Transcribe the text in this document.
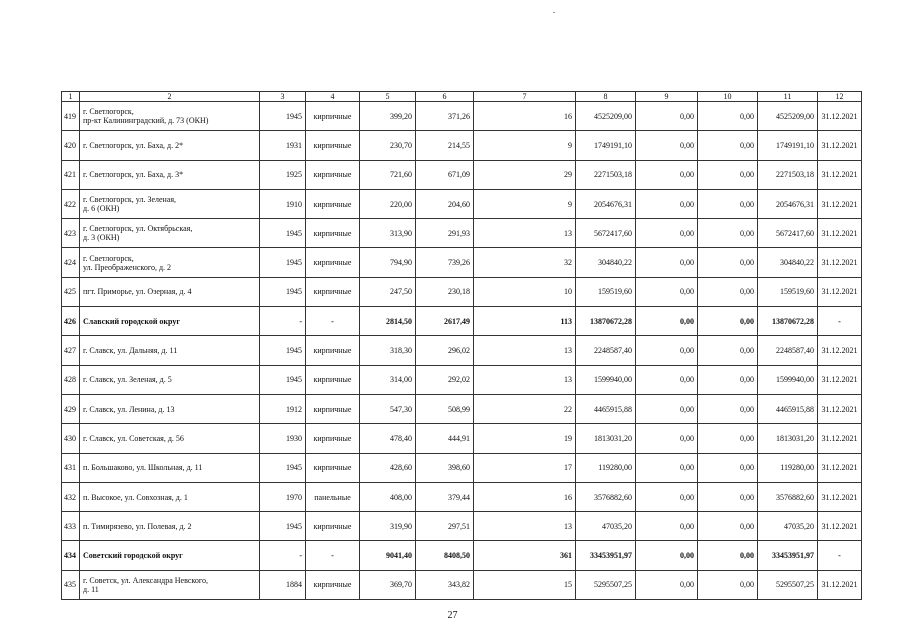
1	2	3	4	5	6	7	8	9	10	11	12
419	г. Светлогорск,
пр-кт Калининградский, д. 73 (ОКН)	1945	кирпичные	399,20	371,26	16	4525209,00	0,00	0,00	4525209,00	31.12.2021
420	г. Светлогорск, ул. Баха, д. 2*	1931	кирпичные	230,70	214,55	9	1749191,10	0,00	0,00	1749191,10	31.12.2021
421	г. Светлогорск, ул. Баха, д. 3*	1925	кирпичные	721,60	671,09	29	2271503,18	0,00	0,00	2271503,18	31.12.2021
422	г. Светлогорск, ул. Зеленая,
д. 6 (ОКН)	1910	кирпичные	220,00	204,60	9	2054676,31	0,00	0,00	2054676,31	31.12.2021
423	г. Светлогорск, ул. Октябрьская,
д. 3 (ОКН)	1945	кирпичные	313,90	291,93	13	5672417,60	0,00	0,00	5672417,60	31.12.2021
424	г. Светлогорск,
ул. Преображенского, д. 2	1945	кирпичные	794,90	739,26	32	304840,22	0,00	0,00	304840,22	31.12.2021
425	пгт. Приморье, ул. Озерная, д. 4	1945	кирпичные	247,50	230,18	10	159519,60	0,00	0,00	159519,60	31.12.2021
426	Славский городской округ	-	-	2814,50	2617,49	113	13870672,28	0,00	0,00	13870672,28	-
427	г. Славск, ул. Дальняя, д. 11	1945	кирпичные	318,30	296,02	13	2248587,40	0,00	0,00	2248587,40	31.12.2021
428	г. Славск, ул. Зеленая, д. 5	1945	кирпичные	314,00	292,02	13	1599940,00	0,00	0,00	1599940,00	31.12.2021
429	г. Славск, ул. Ленина, д. 13	1912	кирпичные	547,30	508,99	22	4465915,88	0,00	0,00	4465915,88	31.12.2021
430	г. Славск, ул. Советская, д. 56	1930	кирпичные	478,40	444,91	19	1813031,20	0,00	0,00	1813031,20	31.12.2021
431	п. Большаково, ул. Школьная, д. 11	1945	кирпичные	428,60	398,60	17	119280,00	0,00	0,00	119280,00	31.12.2021
432	п. Высокое, ул. Совхозная, д. 1	1970	панельные	408,00	379,44	16	3576882,60	0,00	0,00	3576882,60	31.12.2021
433	п. Тимирязево, ул. Полевая, д. 2	1945	кирпичные	319,90	297,51	13	47035,20	0,00	0,00	47035,20	31.12.2021
434	Советский городской округ	-	-	9041,40	8408,50	361	33453951,97	0,00	0,00	33453951,97	-
435	г. Советск, ул. Александра Невского,
д. 11	1884	кирпичные	369,70	343,82	15	5295507,25	0,00	0,00	5295507,25	31.12.2021
27
